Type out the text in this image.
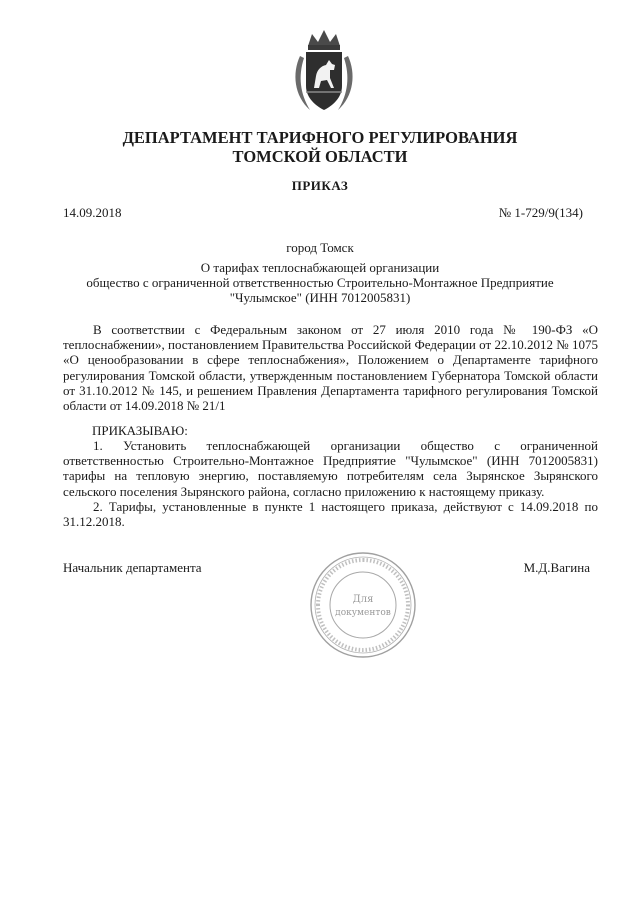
ДЕПАРТАМЕНТ ТАРИФНОГО РЕГУЛИРОВАНИЯ
ТОМСКОЙ ОБЛАСТИ
ПРИКАЗ
14.09.2018	№ 1-729/9(134)
город Томск
О тарифах теплоснабжающей организации
общество с ограниченной ответственностью Строительно-Монтажное Предприятие
"Чулымское" (ИНН 7012005831)
В соответствии с Федеральным законом от 27 июля 2010 года № 190-ФЗ «О теплоснабжении», постановлением Правительства Российской Федерации от 22.10.2012 № 1075 «О ценообразовании в сфере теплоснабжения», Положением о Департаменте тарифного регулирования Томской области, утвержденным постановлением Губернатора Томской области от 31.10.2012 № 145, и решением Правления Департамента тарифного регулирования Томской области от 14.09.2018 № 21/1
ПРИКАЗЫВАЮ:
1. Установить теплоснабжающей организации общество с ограниченной ответственностью Строительно-Монтажное Предприятие "Чулымское" (ИНН 7012005831) тарифы на тепловую энергию, поставляемую потребителям села Зырянское Зырянского сельского поселения Зырянского района, согласно приложению к настоящему приказу.
2. Тарифы, установленные в пункте 1 настоящего приказа, действуют с 14.09.2018 по 31.12.2018.
Начальник департамента	М.Д.Вагина
Для
документов
